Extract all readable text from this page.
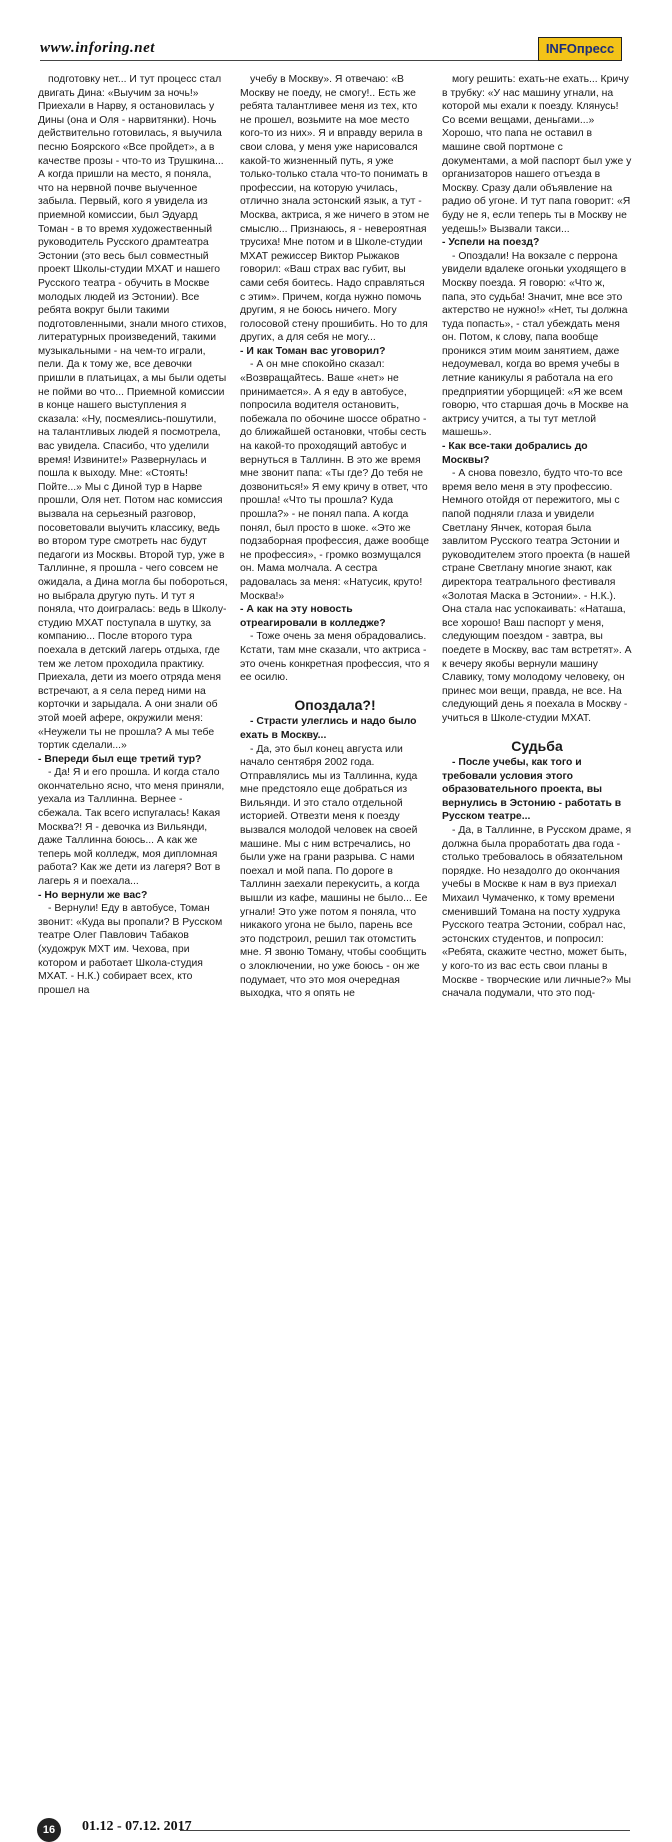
www.inforing.net	INFOпресс

подготовку нет... И тут процесс стал двигать Дина: «Выучим за ночь!» Приехали в Нарву, я остановилась у Дины (она и Оля - нарвитянки). Ночь действительно готовилась, я выучила песню Боярского «Все пройдет», а в качестве прозы - что-то из Трушкина... А когда пришли на место, я поняла, что на нервной почве выученное забыла. Первый, кого я увидела из приемной комиссии, был Эдуард Томан - в то время художественный руководитель Русского драмтеатра Эстонии (это весь был совместный проект Школы-студии МХАТ и нашего Русского театра - обучить в Москве молодых людей из Эстонии). Все ребята вокруг были такими подготовленными, знали много стихов, литературных произведений, такими музыкальными - на чем-то играли, пели. Да к тому же, все девочки пришли в платьицах, а мы были одеты не пойми во что... Приемной комиссии в конце нашего выступления я сказала: «Ну, посмеялись-пошутили, на талантливых людей я посмотрела, вас увидела. Спасибо, что уделили время! Извините!» Развернулась и пошла к выходу. Мне: «Стоять! Пойте...» Мы с Диной тур в Нарве прошли, Оля нет. Потом нас комиссия вызвала на серьезный разговор, посоветовали выучить классику, ведь во втором туре смотреть нас будут педагоги из Москвы. Второй тур, уже в Таллинне, я прошла - чего совсем не ожидала, а Дина могла бы побороться, но выбрала другую путь. И тут я поняла, что доигралась: ведь в Школу-студию МХАТ поступала в шутку, за компанию... После второго тура поехала в детский лагерь отдыха, где тем же летом проходила практику. Приехала, дети из моего отряда меня встречают, а я села перед ними на корточки и зарыдала. А они знали об этой моей афере, окружили меня: «Неужели ты не прошла? А мы тебе тортик сделали...»

- Впереди был еще третий тур?

- Да! Я и его прошла. И когда стало окончательно ясно, что меня приняли, уехала из Таллинна. Вернее - сбежала. Так всего испугалась! Какая Москва?! Я - девочка из Вильянди, даже Таллинна боюсь... А как же теперь мой колледж, моя дипломная работа? Как же дети из лагеря? Вот в лагерь я и поехала...

- Но вернули же вас?

- Вернули! Еду в автобусе, Томан звонит: «Куда вы пропали? В Русском театре Олег Павлович Табаков (художрук МХТ им. Чехова, при котором и работает Школа-студия МХАТ. - Н.К.) собирает всех, кто прошел на

учебу в Москву». Я отвечаю: «В Москву не поеду, не смогу!.. Есть же ребята талантливее меня из тех, кто не прошел, возьмите на мое место кого-то из них». Я и вправду верила в свои слова, у меня уже нарисовался какой-то жизненный путь, я уже только-только стала что-то понимать в профессии, на которую училась, отлично знала эстонский язык, а тут - Москва, актриса, я же ничего в этом не смыслю... Признаюсь, я - невероятная трусиха! Мне потом и в Школе-студии МХАТ режиссер Виктор Рыжаков говорил: «Ваш страх вас губит, вы сами себя боитесь. Надо справляться с этим». Причем, когда нужно помочь другим, я не боюсь ничего. Могу голосовой стену прошибить. Но то для других, а для себя не могу...

- И как Томан вас уговорил?

- А он мне спокойно сказал: «Возвращайтесь. Ваше «нет» не принимается». А я еду в автобусе, попросила водителя остановить, побежала по обочине шоссе обратно - до ближайшей остановки, чтобы сесть на какой-то проходящий автобус и вернуться в Таллинн. В это же время мне звонит папа: «Ты где? До тебя не дозвониться!» Я ему кричу в ответ, что прошла! «Что ты прошла? Куда прошла?» - не понял папа. А когда понял, был просто в шоке. «Это же подзаборная профессия, даже вообще не профессия», - громко возмущался он. Мама молчала. А сестра радовалась за меня: «Натусик, круто! Москва!»

- А как на эту новость отреагировали в колледже?

- Тоже очень за меня обрадовались. Кстати, там мне сказали, что актриса - это очень конкретная профессия, что я ее осилю.

Опоздала?!

- Страсти улеглись и надо было ехать в Москву...

- Да, это был конец августа или начало сентября 2002 года. Отправлялись мы из Таллинна, куда мне предстояло еще добраться из Вильянди. И это стало отдельной историей. Отвезти меня к поезду вызвался молодой человек на своей машине. Мы с ним встречались, но были уже на грани разрыва. С нами поехал и мой папа. По дороге в Таллинн заехали перекусить, а когда вышли из кафе, машины не было... Ее угнали! Это уже потом я поняла, что никакого угона не было, парень все это подстроил, решил так отомстить мне. Я звоню Томану, чтобы сообщить о злоключении, но уже боюсь - он же подумает, что это моя очередная выходка, что я опять не

могу решить: ехать-не ехать... Кричу в трубку: «У нас машину угнали, на которой мы ехали к поезду. Клянусь! Со всеми вещами, деньгами...» Хорошо, что папа не оставил в машине свой портмоне с документами, а мой паспорт был уже у организаторов нашего отъезда в Москву. Сразу дали объявление на радио об угоне. И тут папа говорит: «Я буду не я, если теперь ты в Москву не уедешь!» Вызвали такси...

- Успели на поезд?

- Опоздали! На вокзале с перрона увидели вдалеке огоньки уходящего в Москву поезда. Я говорю: «Что ж, папа, это судьба! Значит, мне все это актерство не нужно!» «Нет, ты должна туда попасть», - стал убеждать меня он. Потом, к слову, папа вообще проникся этим моим занятием, даже недоумевал, когда во время учебы в летние каникулы я работала на его предприятии уборщицей: «Я же всем говорю, что старшая дочь в Москве на актрису учится, а ты тут метлой машешь».

- Как все-таки добрались до Москвы?

- А снова повезло, будто что-то все время вело меня в эту профессию. Немного отойдя от пережитого, мы с папой подняли глаза и увидели Светлану Янчек, которая была завлитом Русского театра Эстонии и руководителем этого проекта (в нашей стране Светлану многие знают, как директора театрального фестиваля «Золотая Маска в Эстонии». - Н.К.). Она стала нас успокаивать: «Наташа, все хорошо! Ваш паспорт у меня, следующим поездом - завтра, вы поедете в Москву, вас там встретят». А к вечеру якобы вернули машину Славику, тому молодому человеку, он принес мои вещи, правда, не все. На следующий день я поехала в Москву - учиться в Школе-студии МХАТ.

Судьба

- После учебы, как того и требовали условия этого образовательного проекта, вы вернулись в Эстонию - работать в Русском театре...

- Да, в Таллинне, в Русском драме, я должна была проработать два года - столько требовалось в обязательном порядке. Но незадолго до окончания учебы в Москве к нам в вуз приехал Михаил Чумаченко, к тому времени сменивший Томана на посту худрука Русского театра Эстонии, собрал нас, эстонских студентов, и попросил: «Ребята, скажите честно, может быть, у кого-то из вас есть свои планы в Москве - творческие или личные?» Мы сначала подумали, что это под-

16	01.12 - 07.12. 2017
